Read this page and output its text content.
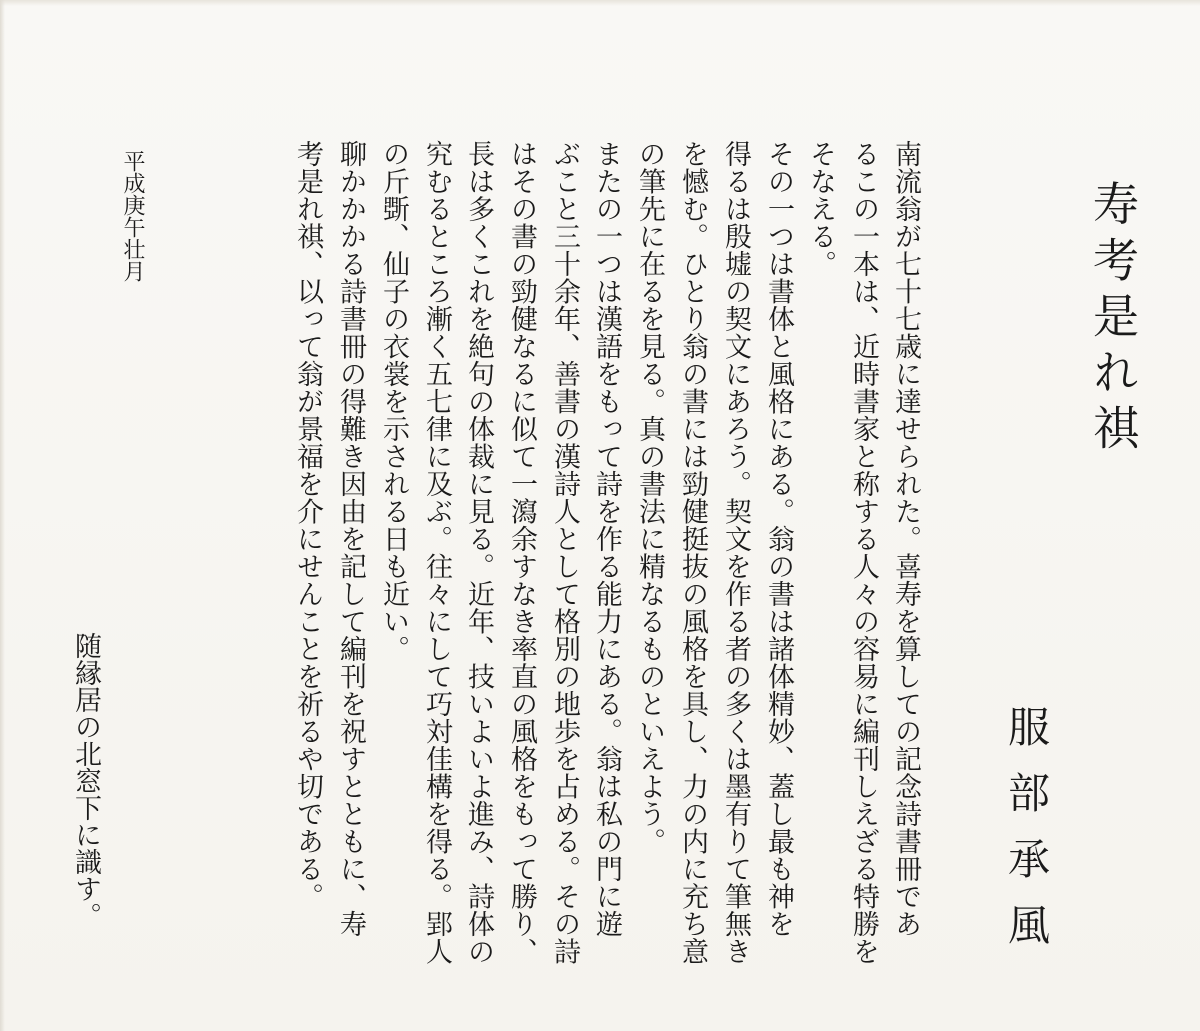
寿考是れ祺
服部承風
南流翁が七十七歳に達せられた。喜寿を算しての記念詩書冊であ
るこの一本は、近時書家と称する人々の容易に編刊しえざる特勝を
そなえる。
その一つは書体と風格にある。翁の書は諸体精妙、蓋し最も神を
得るは殷墟の契文にあろう。契文を作る者の多くは墨有りて筆無き
を憾む。ひとり翁の書には勁健挺抜の風格を具し、力の内に充ち意
の筆先に在るを見る。真の書法に精なるものといえよう。
またの一つは漢語をもって詩を作る能力にある。翁は私の門に遊
ぶこと三十余年、善書の漢詩人として格別の地歩を占める。その詩
はその書の勁健なるに似て一瀉余すなき率直の風格をもって勝り、
長は多くこれを絶句の体裁に見る。近年、技いよいよ進み、詩体の
究むるところ漸く五七律に及ぶ。往々にして巧対佳構を得る。郢人
の斤斲、仙子の衣裳を示される日も近い。
聊かかかる詩書冊の得難き因由を記して編刊を祝すとともに、寿
考是れ祺、以って翁が景福を介にせんことを祈るや切である。
平成庚午壮月
随縁居の北窓下に識す。
